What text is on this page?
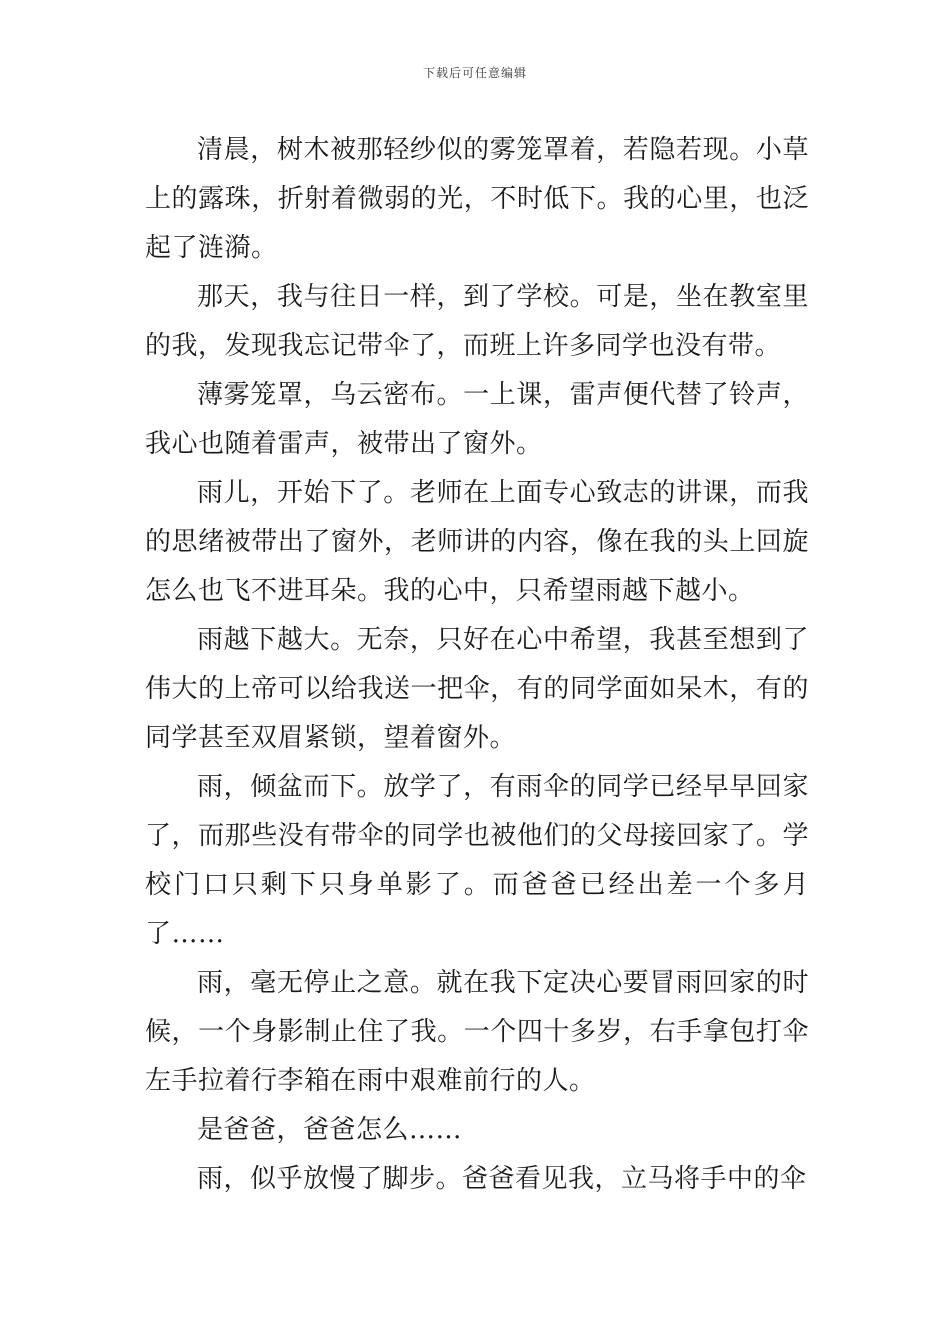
下载后可任意编辑

清晨，树木被那轻纱似的雾笼罩着，若隐若现。小草上的露珠，折射着微弱的光，不时低下。我的心里，也泛起了涟漪。

那天，我与往日一样，到了学校。可是，坐在教室里的我，发现我忘记带伞了，而班上许多同学也没有带。

薄雾笼罩，乌云密布。一上课，雷声便代替了铃声，我心也随着雷声，被带出了窗外。

雨儿，开始下了。老师在上面专心致志的讲课，而我的思绪被带出了窗外，老师讲的内容，像在我的头上回旋怎么也飞不进耳朵。我的心中，只希望雨越下越小。

雨越下越大。无奈，只好在心中希望，我甚至想到了伟大的上帝可以给我送一把伞，有的同学面如呆木，有的同学甚至双眉紧锁，望着窗外。

雨，倾盆而下。放学了，有雨伞的同学已经早早回家了，而那些没有带伞的同学也被他们的父母接回家了。学校门口只剩下只身单影了。而爸爸已经出差一个多月了……

雨，毫无停止之意。就在我下定决心要冒雨回家的时候，一个身影制止住了我。一个四十多岁，右手拿包打伞左手拉着行李箱在雨中艰难前行的人。

是爸爸，爸爸怎么……

雨，似乎放慢了脚步。爸爸看见我，立马将手中的伞
